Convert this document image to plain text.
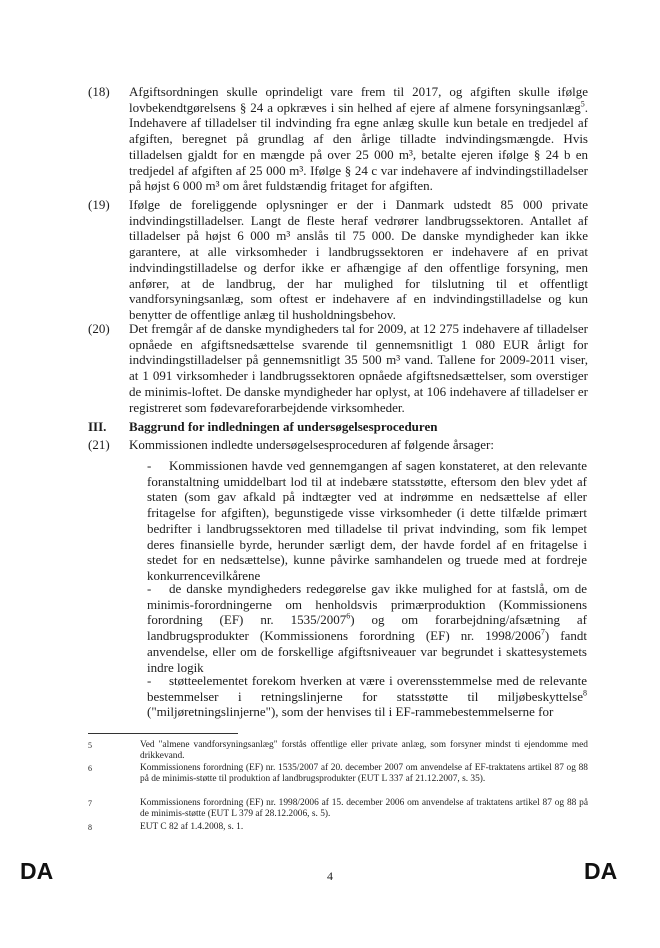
(18) Afgiftsordningen skulle oprindeligt vare frem til 2017, og afgiften skulle ifølge lovbekendtgørelsens § 24 a opkræves i sin helhed af ejere af almene forsyningsanlæg$^5$. Indehavere af tilladelser til indvinding fra egne anlæg skulle kun betale en tredjedel af afgiften, beregnet på grundlag af den årlige tilladte indvindingsmængde. Hvis tilladelsen gjaldt for en mængde på over 25 000 m³, betalte ejeren ifølge § 24 b en tredjedel af afgiften af 25 000 m³. Ifølge § 24 c var indehavere af indvindingstilladelser på højst 6 000 m³ om året fuldstændig fritaget for afgiften.
(19) Ifølge de foreliggende oplysninger er der i Danmark udstedt 85 000 private indvindingstilladelser. Langt de fleste heraf vedrører landbrugssektoren. Antallet af tilladelser på højst 6 000 m³ anslås til 75 000. De danske myndigheder kan ikke garantere, at alle virksomheder i landbrugssektoren er indehavere af en privat indvindingstilladelse og derfor ikke er afhængige af den offentlige forsyning, men anfører, at de landbrug, der har mulighed for tilslutning til et offentligt vandforsyningsanlæg, som oftest er indehavere af en indvindingstilladelse og kun benytter de offentlige anlæg til husholdningsbehov.
(20) Det fremgår af de danske myndigheders tal for 2009, at 12 275 indehavere af tilladelser opnåede en afgiftsnedsættelse svarende til gennemsnitligt 1 080 EUR årligt for indvindingstilladelser på gennemsnitligt 35 500 m³ vand. Tallene for 2009-2011 viser, at 1 091 virksomheder i landbrugssektoren opnåede afgiftsnedsættelser, som overstiger de minimis-loftet. De danske myndigheder har oplyst, at 106 indehavere af tilladelser er registreret som fødevareforarbejdende virksomheder.
III. Baggrund for indledningen af undersøgelsesproceduren
(21) Kommissionen indledte undersøgelsesproceduren af følgende årsager:
- Kommissionen havde ved gennemgangen af sagen konstateret, at den relevante foranstaltning umiddelbart lod til at indebære statsstøtte, eftersom den blev ydet af staten (som gav afkald på indtægter ved at indrømme en nedsættelse af eller fritagelse for afgiften), begunstigede visse virksomheder (i dette tilfælde primært bedrifter i landbrugssektoren med tilladelse til privat indvinding, som fik lempet deres finansielle byrde, herunder særligt dem, der havde fordel af en fritagelse i stedet for en nedsættelse), kunne påvirke samhandelen og truede med at fordreje konkurrencevilkårene
- de danske myndigheders redegørelse gav ikke mulighed for at fastslå, om de minimis-forordningerne om henholdsvis primærproduktion (Kommissionens forordning (EF) nr. 1535/2007$^6$) og om forarbejdning/afsætning af landbrugsprodukter (Kommissionens forordning (EF) nr. 1998/2006$^7$) fandt anvendelse, eller om de forskellige afgiftsniveauer var begrundet i skattesystemets indre logik
- støtteelementet forekom hverken at være i overensstemmelse med de relevante bestemmelser i retningslinjerne for statsstøtte til miljøbeskyttelse$^8$ ("miljøretningslinjerne"), som der henvises til i EF-rammebestemmelserne for
5	Ved "almene vandforsyningsanlæg" forstås offentlige eller private anlæg, som forsyner mindst ti ejendomme med drikkevand.
6	Kommissionens forordning (EF) nr. 1535/2007 af 20. december 2007 om anvendelse af EF-traktatens artikel 87 og 88 på de minimis-støtte til produktion af landbrugsprodukter (EUT L 337 af 21.12.2007, s. 35).
7	Kommissionens forordning (EF) nr. 1998/2006 af 15. december 2006 om anvendelse af traktatens artikel 87 og 88 på de minimis-støtte (EUT L 379 af 28.12.2006, s. 5).
8	EUT C 82 af 1.4.2008, s. 1.
DA	4	DA
